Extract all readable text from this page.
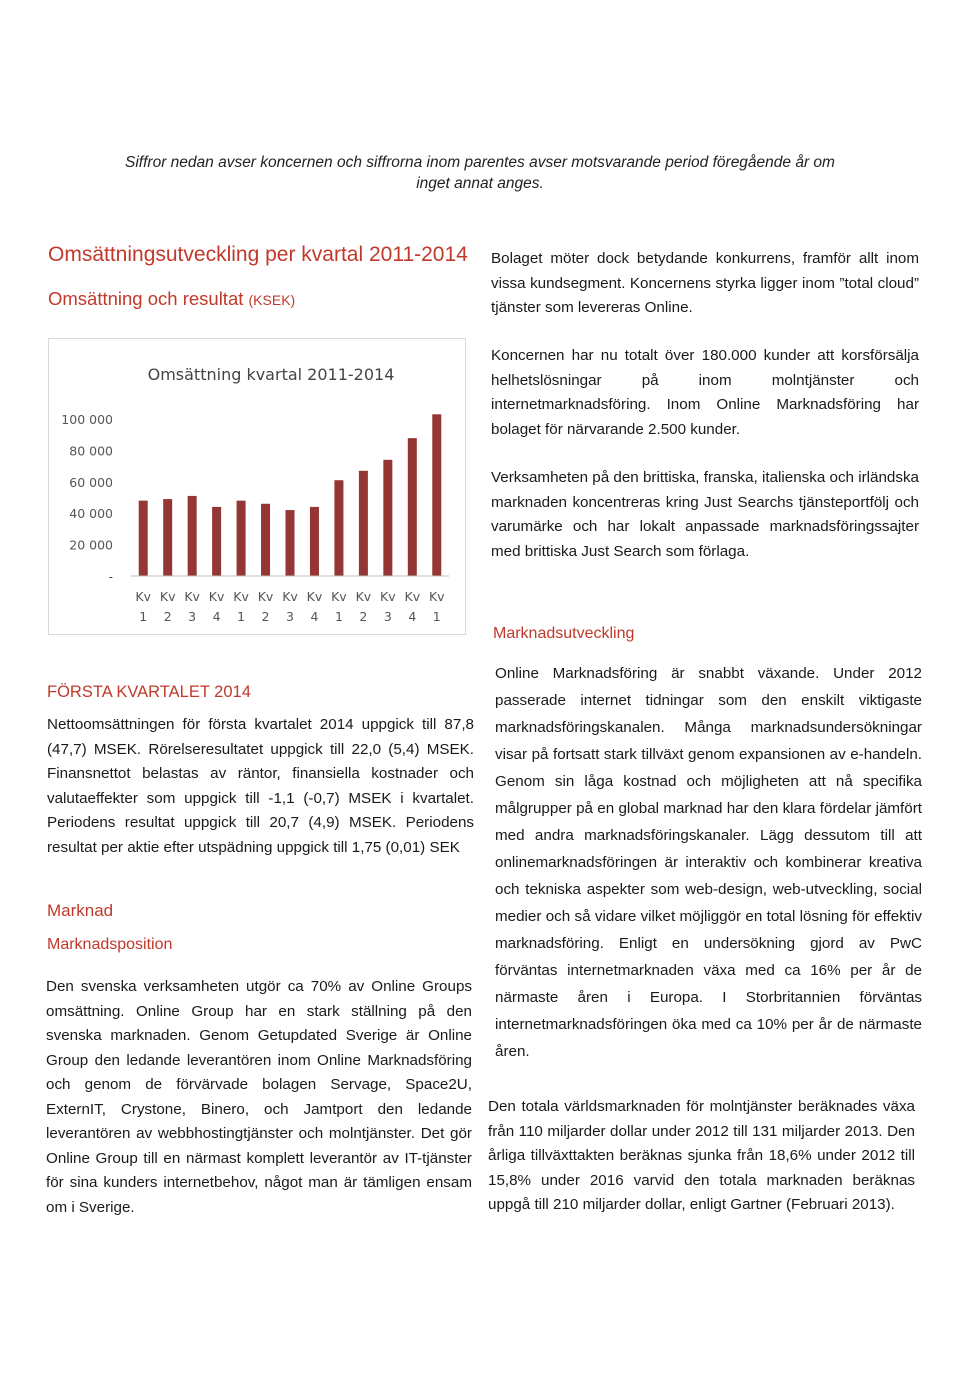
Siffror nedan avser koncernen och siffrorna inom parentes avser motsvarande period föregående år om
inget annat anges.
Omsättningsutveckling per kvartal 2011-2014
Omsättning och resultat (KSEK)
Omsättning kvartal 2011-2014
-
20 000
40 000
60 000
80 000
100 000
Kv
1
Kv
2
Kv
3
Kv
4
Kv
1
Kv
2
Kv
3
Kv
4
Kv
1
Kv
2
Kv
3
Kv
4
Kv
1
Bolaget möter dock betydande konkurrens, framför allt inom vissa kundsegment. Koncernens styrka ligger inom ”total cloud” tjänster som levereras Online.
Koncernen har nu totalt över 180.000 kunder att korsförsälja helhetslösningar på inom molntjänster och internetmarknadsföring. Inom Online Marknadsföring har bolaget för närvarande 2.500 kunder.
Verksamheten på den brittiska, franska, italienska och irländska marknaden koncentreras kring Just Searchs tjänsteportfölj och varumärke och har lokalt anpassade marknadsföringssajter med brittiska Just Search som förlaga.
Marknadsutveckling
FÖRSTA KVARTALET 2014
Nettoomsättningen för första kvartalet 2014 uppgick till 87,8 (47,7) MSEK. Rörelseresultatet uppgick till 22,0 (5,4) MSEK. Finansnettot belastas av räntor, finansiella kostnader och valutaeffekter som uppgick till -1,1 (-0,7) MSEK i kvartalet. Periodens resultat uppgick till 20,7 (4,9) MSEK. Periodens resultat per aktie efter utspädning uppgick till 1,75 (0,01) SEK
Marknad
Marknadsposition
Den svenska verksamheten utgör ca 70% av Online Groups omsättning. Online Group har en stark ställning på den svenska marknaden. Genom Getupdated Sverige är Online Group den ledande leverantören inom Online Marknadsföring och genom de förvärvade bolagen Servage, Space2U, ExternIT, Crystone, Binero, och Jamtport den ledande leverantören av webbhostingtjänster och molntjänster. Det gör Online Group till en närmast komplett leverantör av IT-tjänster för sina kunders internetbehov, något man är tämligen ensam om i Sverige.
Online Marknadsföring är snabbt växande. Under 2012 passerade internet tidningar som den enskilt viktigaste marknadsföringskanalen. Många marknadsundersökningar visar på fortsatt stark tillväxt genom expansionen av e-handeln. Genom sin låga kostnad och möjligheten att nå specifika målgrupper på en global marknad har den klara fördelar jämfört med andra marknadsföringskanaler. Lägg dessutom till att onlinemarknadsföringen är interaktiv och kombinerar kreativa och tekniska aspekter som web-design, web-utveckling, social medier och så vidare vilket möjliggör en total lösning för effektiv marknadsföring. Enligt en undersökning gjord av PwC förväntas internetmarknaden växa med ca 16% per år de närmaste åren i Europa. I Storbritannien förväntas internetmarknadsföringen öka med ca 10% per år de närmaste åren.
Den totala världsmarknaden för molntjänster beräknades växa från 110 miljarder dollar under 2012 till 131 miljarder 2013. Den årliga tillväxttakten beräknas sjunka från 18,6% under 2012 till 15,8% under 2016 varvid den totala marknaden beräknas uppgå till 210 miljarder dollar, enligt Gartner (Februari 2013).
